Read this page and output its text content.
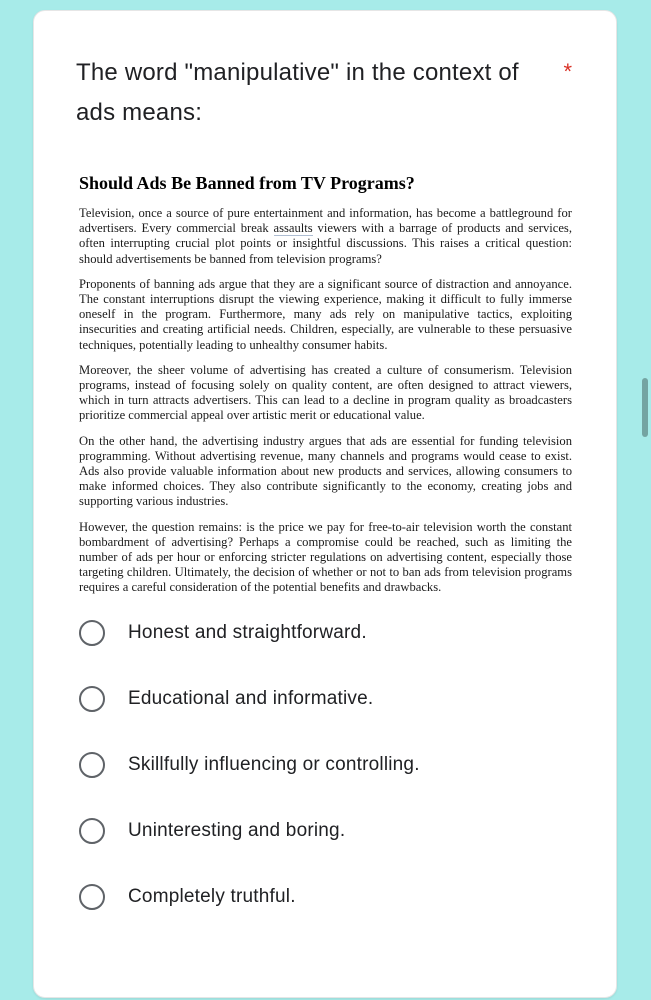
The word "manipulative" in the context of ads means:
*
Should Ads Be Banned from TV Programs?

Television, once a source of pure entertainment and information, has become a battleground for advertisers. Every commercial break assaults viewers with a barrage of products and services, often interrupting crucial plot points or insightful discussions. This raises a critical question: should advertisements be banned from television programs?

Proponents of banning ads argue that they are a significant source of distraction and annoyance. The constant interruptions disrupt the viewing experience, making it difficult to fully immerse oneself in the program. Furthermore, many ads rely on manipulative tactics, exploiting insecurities and creating artificial needs. Children, especially, are vulnerable to these persuasive techniques, potentially leading to unhealthy consumer habits.

Moreover, the sheer volume of advertising has created a culture of consumerism. Television programs, instead of focusing solely on quality content, are often designed to attract viewers, which in turn attracts advertisers. This can lead to a decline in program quality as broadcasters prioritize commercial appeal over artistic merit or educational value.

On the other hand, the advertising industry argues that ads are essential for funding television programming. Without advertising revenue, many channels and programs would cease to exist. Ads also provide valuable information about new products and services, allowing consumers to make informed choices. They also contribute significantly to the economy, creating jobs and supporting various industries.

However, the question remains: is the price we pay for free-to-air television worth the constant bombardment of advertising? Perhaps a compromise could be reached, such as limiting the number of ads per hour or enforcing stricter regulations on advertising content, especially those targeting children. Ultimately, the decision of whether or not to ban ads from television programs requires a careful consideration of the potential benefits and drawbacks.

Honest and straightforward.
Educational and informative.
Skillfully influencing or controlling.
Uninteresting and boring.
Completely truthful.
